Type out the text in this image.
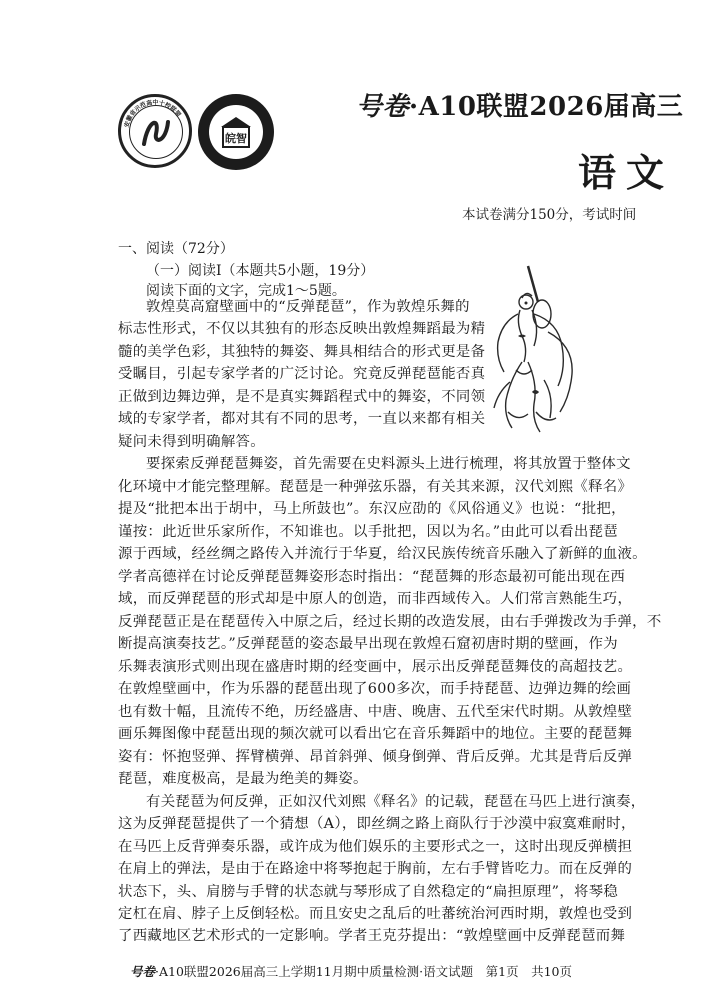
安徽省示范高中十校联盟
皖智
号卷·A10联盟2026届高三
语文
本试卷满分150分，考试时间
一、阅读（72分）
（一）阅读Ⅰ（本题共5小题，19分）
阅读下面的文字，完成1～5题。
敦煌莫高窟壁画中的“反弹琵琶”，作为敦煌乐舞的
标志性形式，不仅以其独有的形态反映出敦煌舞蹈最为精
髓的美学色彩，其独特的舞姿、舞具相结合的形式更是备
受瞩目，引起专家学者的广泛讨论。究竟反弹琵琶能否真
正做到边舞边弹，是不是真实舞蹈程式中的舞姿，不同领
域的专家学者，都对其有不同的思考，一直以来都有相关
疑问未得到明确解答。
要探索反弹琵琶舞姿，首先需要在史料源头上进行梳理，将其放置于整体文
化环境中才能完整理解。琵琶是一种弹弦乐器，有关其来源，汉代刘熙《释名》
提及“批把本出于胡中，马上所鼓也”。东汉应劭的《风俗通义》也说：“批把，
谨按：此近世乐家所作，不知谁也。以手批把，因以为名。”由此可以看出琵琶
源于西域，经丝绸之路传入并流行于华夏，给汉民族传统音乐融入了新鲜的血液。
学者高德祥在讨论反弹琵琶舞姿形态时指出：“琵琶舞的形态最初可能出现在西
域，而反弹琵琶的形式却是中原人的创造，而非西域传入。人们常言熟能生巧，
反弹琵琶正是在琵琶传入中原之后，经过长期的改造发展，由右手弹拨改为手弹，不
断提高演奏技艺。”反弹琵琶的姿态最早出现在敦煌石窟初唐时期的壁画，作为
乐舞表演形式则出现在盛唐时期的经变画中，展示出反弹琵琶舞伎的高超技艺。
在敦煌壁画中，作为乐器的琵琶出现了600多次，而手持琵琶、边弹边舞的绘画
也有数十幅，且流传不绝，历经盛唐、中唐、晚唐、五代至宋代时期。从敦煌壁
画乐舞图像中琵琶出现的频次就可以看出它在音乐舞蹈中的地位。主要的琵琶舞
姿有：怀抱竖弹、挥臂横弹、昂首斜弹、倾身倒弹、背后反弹。尤其是背后反弹
琵琶，难度极高，是最为绝美的舞姿。
有关琵琶为何反弹，正如汉代刘熙《释名》的记载，琵琶在马匹上进行演奏，
这为反弹琵琶提供了一个猜想（A），即丝绸之路上商队行于沙漠中寂寞难耐时，
在马匹上反背弹奏乐器，或许成为他们娱乐的主要形式之一，这时出现反弹横担
在肩上的弹法，是由于在路途中将琴抱起于胸前，左右手臂皆吃力。而在反弹的
状态下，头、肩膀与手臂的状态就与琴形成了自然稳定的“扁担原理”，将琴稳
定杠在肩、脖子上反倒轻松。而且安史之乱后的吐蕃统治河西时期，敦煌也受到
了西藏地区艺术形式的一定影响。学者王克芬提出：“敦煌壁画中反弹琵琶而舞
号卷·A10联盟2026届高三上学期11月期中质量检测·语文试题　第1页　共10页
